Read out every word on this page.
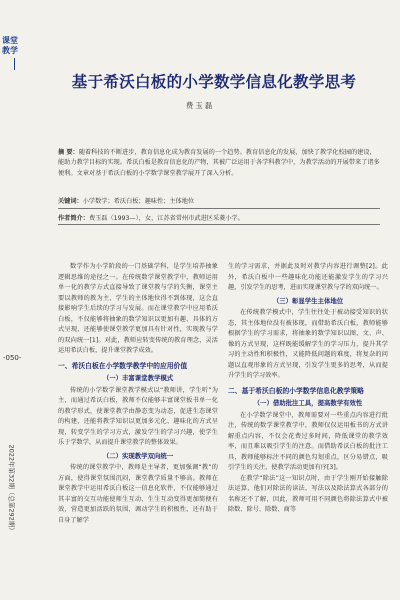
课堂
教学
-050-
2022年第32期（总第292期）
基于希沃白板的小学数学信息化教学思考
费玉磊
摘 要：随着科技的不断进步，教育信息化成为教育发展的一个趋势。教育信息化的发展，加快了教学化校园的建设，能助力教学目标的实现。希沃白板是教育信息化的产物，其被广泛运用于各学科教学中，为教学活动的开展带来了诸多便利。文章对基于希沃白板的小学数学课堂教学展开了深入分析。
关键词：小学数学；希沃白板；趣味性；主体地位
作者简介：费玉磊（1993—），女，江苏省常州市武进区采菱小学。

数学作为小学阶段的一门基础学科，是学生培养抽象逻辑思维的途径之一。在传统数学课堂教学中，教师运用单一化的教学方式直接导致了课堂教与学的失衡，课堂主要以教师的教为主，学生的主体地位得不到体现，这会直接影响学生后续的学习与发展。而在课堂教学中应用希沃白板，不仅能够将抽象的数学知识以更加有趣、具体的方式呈现，还能够使课堂教学更加具有针对性，实现教与学的双向统一[1]。对此，教师应转变传统的教育理念，灵活运用希沃白板，提升课堂教学成效。

一、希沃白板在小学数学教学中的应用价值
（一）丰富课堂教学模式

传统的小学数学课堂教学模式以“教师讲，学生听”为主，而通过希沃白板，教师不仅能够丰富课堂板书单一化的教学形式，使课堂教学由静态变为动态，促进生态课堂的构建，还能将教学知识以更加多元化、趣味化的方式呈现，转变学生的学习方式，激发学生的学习兴趣，使学生乐于学数学，从而提升课堂教学的整体效果。

（二）实现教学双向统一

传统的课堂教学中，教师是主导者，更加强调“教”的方面，使得课堂氛围沉闷，课堂教学质量不够高。教师在课堂教学中运用希沃白板这一信息化软件，不仅能够通过其丰富的交互功能使师生互动、生生互动变得更加简便有效，营造更加活跃的氛围，调动学生的积极性，还有助于自身了解学

生的学习需求，并据此及时对教学内容进行调整[2]。此外，希沃白板中一些趣味化功能还能激发学生的学习兴趣，引发学生的思考，进而实现课堂教与学的双向统一。

（三）彰显学生主体地位

在传统教学模式中，学生往往处于被动接受知识的状态，其主体地位没有被体现，而借助希沃白板，教师能够根据学生的学习需求，将抽象的数学知识以图、文、声、像的方式呈现，这样既能缓解学生的学习压力，提升其学习的主动性和积极性，又能降低问题的难度，将复杂的问题以直观形象的方式呈现，引发学生更多的思考，从而提升学生的学习效率。

二、基于希沃白板的小学数学信息化教学策略
（一）借助批注工具，提高数学有效性

在小学数学课堂中，教师需要对一些重点内容进行批注，传统的数学课堂教学中，教师仅仅运用板书的方式讲解重点内容，不仅会花费过多时间，降低课堂的教学效率，而且难以吸引学生的注意。而借助希沃白板的批注工具，教师能够标注不同的颜色勾划重点，区分易错点，吸引学生的关注，使教学活动更加有序[3]。

在教学“除法”这一知识点时，由于学生刚开始接触除法运算，他们对除法的读法、写法以及除法算式各部分的名称还不了解，因此，教师可用不同颜色将除法算式中被除数、除号、除数、商等
